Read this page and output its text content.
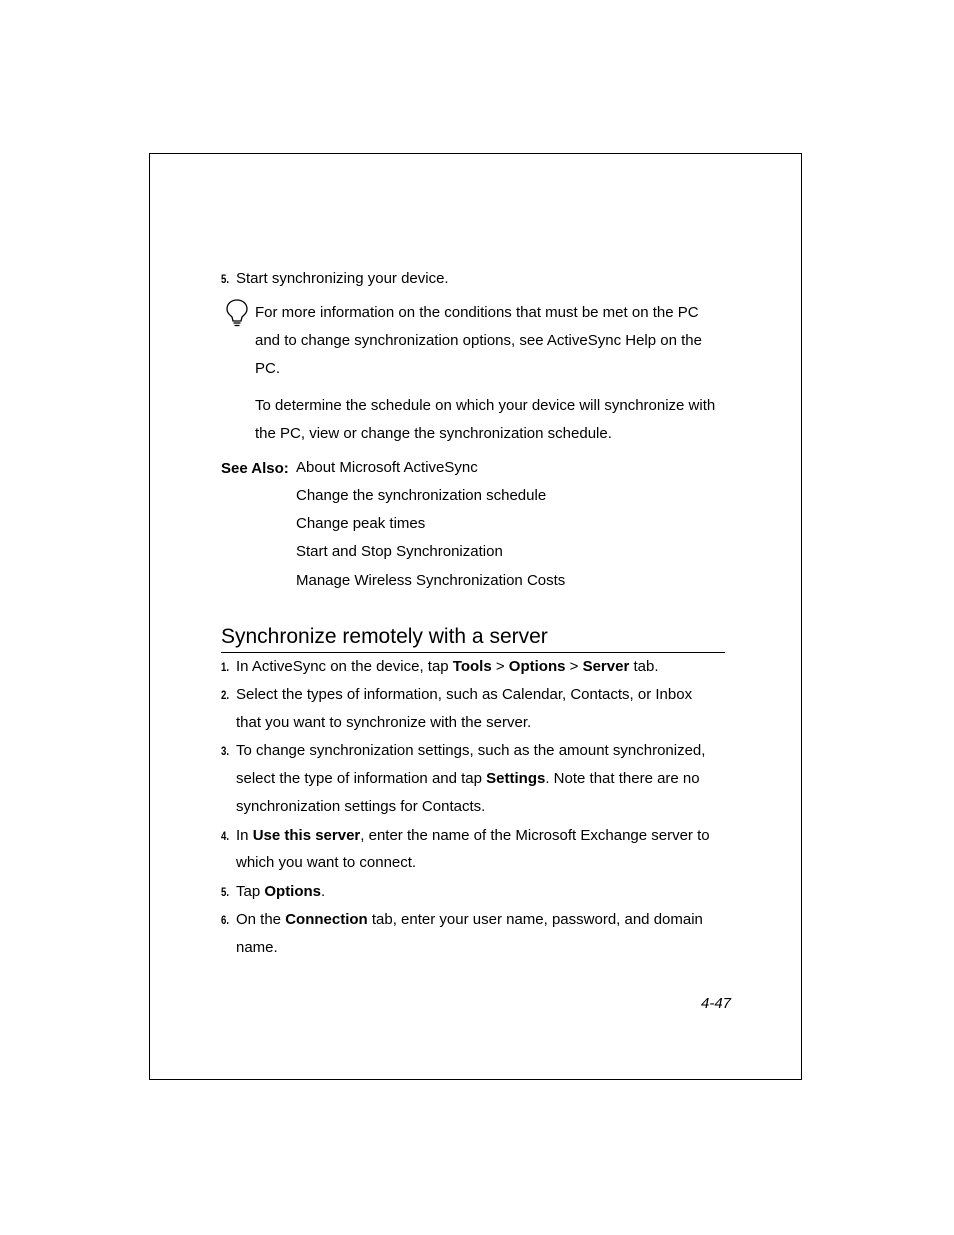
5. Start synchronizing your device.
For more information on the conditions that must be met on the PC
and to change synchronization options, see ActiveSync Help on the
PC.
To determine the schedule on which your device will synchronize with
the PC, view or change the synchronization schedule.
See Also: About Microsoft ActiveSync
Change the synchronization schedule
Change peak times
Start and Stop Synchronization
Manage Wireless Synchronization Costs
Synchronize remotely with a server
1. In ActiveSync on the device, tap Tools > Options > Server tab.
2. Select the types of information, such as Calendar, Contacts, or Inbox
that you want to synchronize with the server.
3. To change synchronization settings, such as the amount synchronized,
select the type of information and tap Settings. Note that there are no
synchronization settings for Contacts.
4. In Use this server, enter the name of the Microsoft Exchange server to
which you want to connect.
5. Tap Options.
6. On the Connection tab, enter your user name, password, and domain
name.
4-47
